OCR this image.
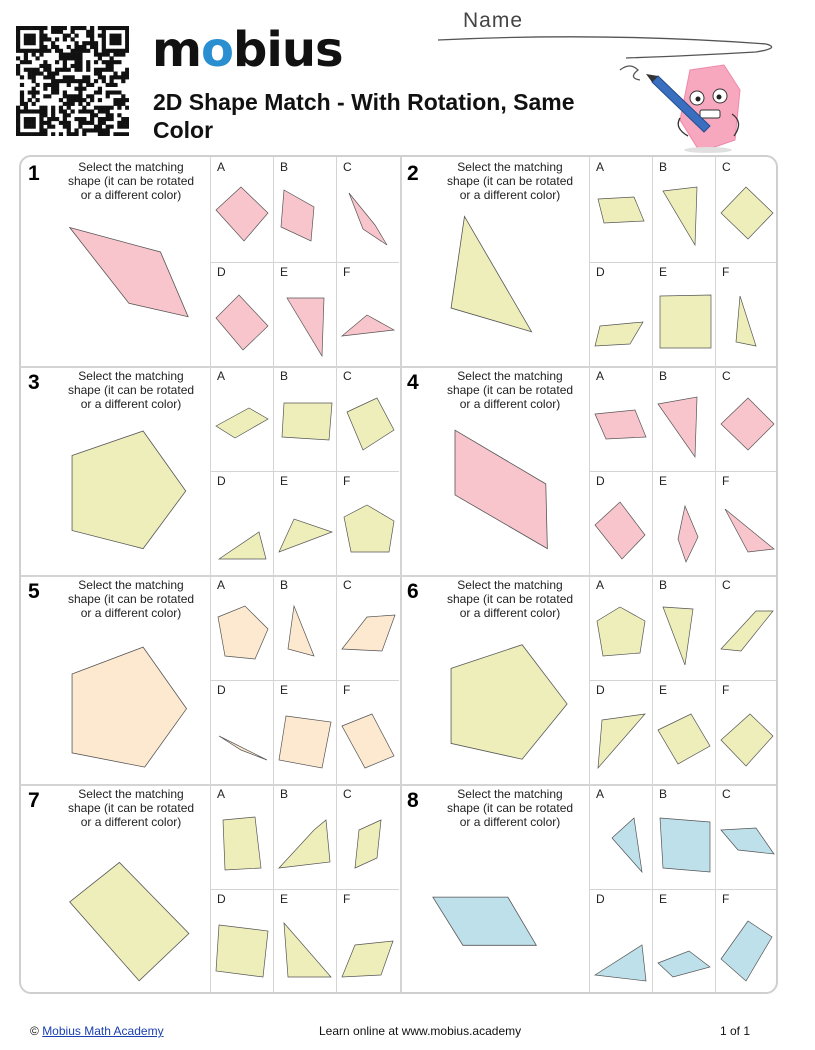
mobius
2D Shape Match - With Rotation, Same Color
Name
1	Select the matching shape (it can be rotated or a different color)
A	B	C
D	E	F
2	Select the matching shape (it can be rotated or a different color)
A	B	C
D	E	F
3	Select the matching shape (it can be rotated or a different color)
A	B	C
D	E	F
4	Select the matching shape (it can be rotated or a different color)
A	B	C
D	E	F
5	Select the matching shape (it can be rotated or a different color)
A	B	C
D	E	F
6	Select the matching shape (it can be rotated or a different color)
A	B	C
D	E	F
7	Select the matching shape (it can be rotated or a different color)
A	B	C
D	E	F
8	Select the matching shape (it can be rotated or a different color)
A	B	C
D	E	F
© Mobius Math Academy	Learn online at www.mobius.academy	1 of 1
